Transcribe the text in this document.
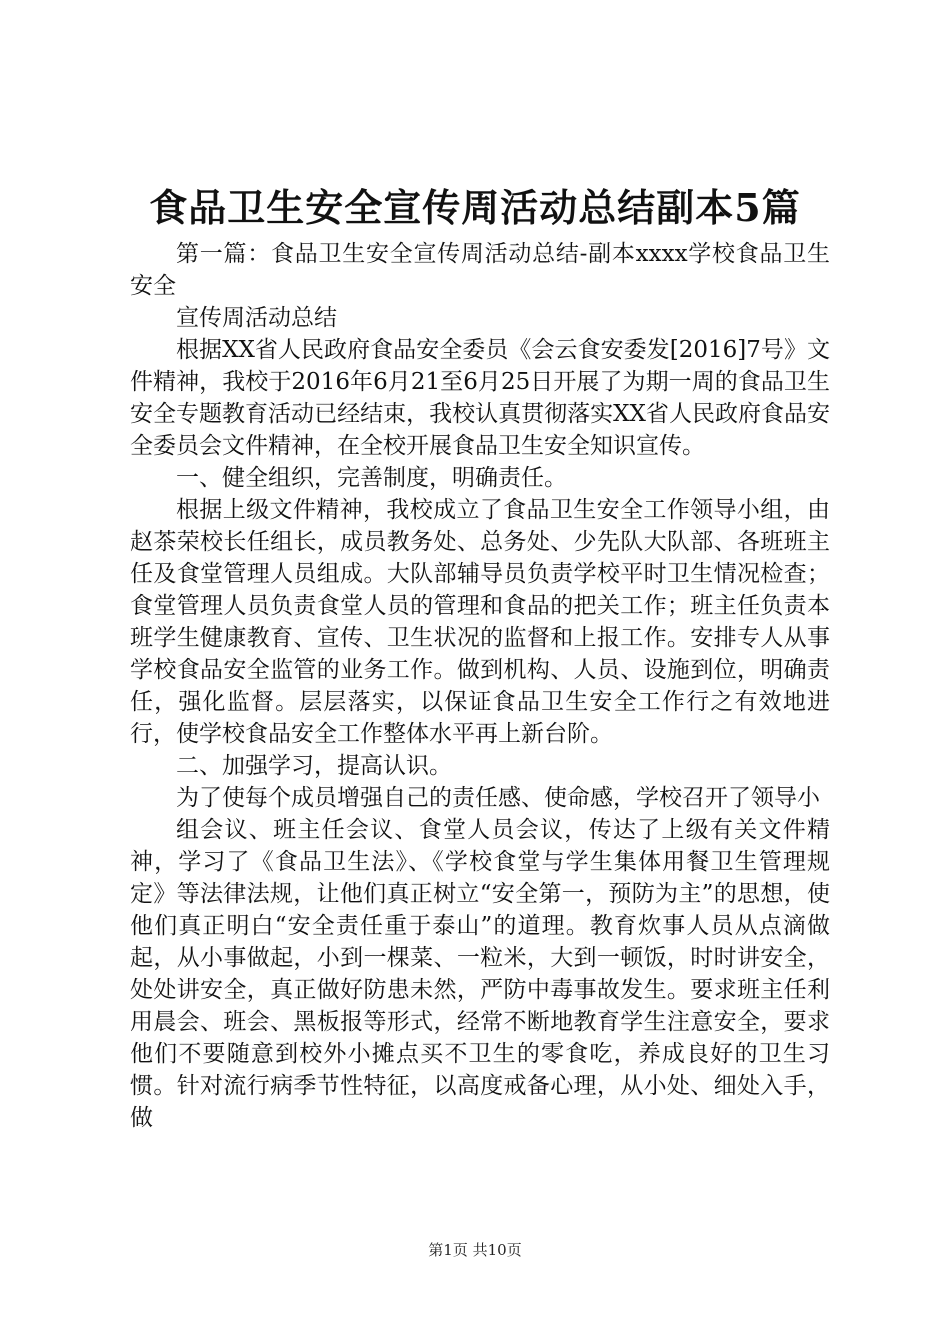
食品卫生安全宣传周活动总结副本5篇

第一篇：食品卫生安全宣传周活动总结-副本xxxx学校食品卫生安全

宣传周活动总结

根据XX省人民政府食品安全委员《会云食安委发[2016]7号》文件精神，我校于2016年6月21至6月25日开展了为期一周的食品卫生安全专题教育活动已经结束，我校认真贯彻落实XX省人民政府食品安全委员会文件精神，在全校开展食品卫生安全知识宣传。

一、健全组织，完善制度，明确责任。

根据上级文件精神，我校成立了食品卫生安全工作领导小组，由赵茶荣校长任组长，成员教务处、总务处、少先队大队部、各班班主任及食堂管理人员组成。大队部辅导员负责学校平时卫生情况检查；食堂管理人员负责食堂人员的管理和食品的把关工作；班主任负责本班学生健康教育、宣传、卫生状况的监督和上报工作。安排专人从事学校食品安全监管的业务工作。做到机构、人员、设施到位，明确责任，强化监督。层层落实，以保证食品卫生安全工作行之有效地进行，使学校食品安全工作整体水平再上新台阶。

二、加强学习，提高认识。

为了使每个成员增强自己的责任感、使命感，学校召开了领导小

组会议、班主任会议、食堂人员会议，传达了上级有关文件精神，学习了《食品卫生法》、《学校食堂与学生集体用餐卫生管理规定》等法律法规，让他们真正树立“安全第一，预防为主”的思想，使他们真正明白“安全责任重于泰山”的道理。教育炊事人员从点滴做起，从小事做起，小到一棵菜、一粒米，大到一顿饭，时时讲安全，处处讲安全，真正做好防患未然，严防中毒事故发生。要求班主任利用晨会、班会、黑板报等形式，经常不断地教育学生注意安全，要求他们不要随意到校外小摊点买不卫生的零食吃，养成良好的卫生习惯。针对流行病季节性特征，以高度戒备心理，从小处、细处入手，做

第1页 共10页
